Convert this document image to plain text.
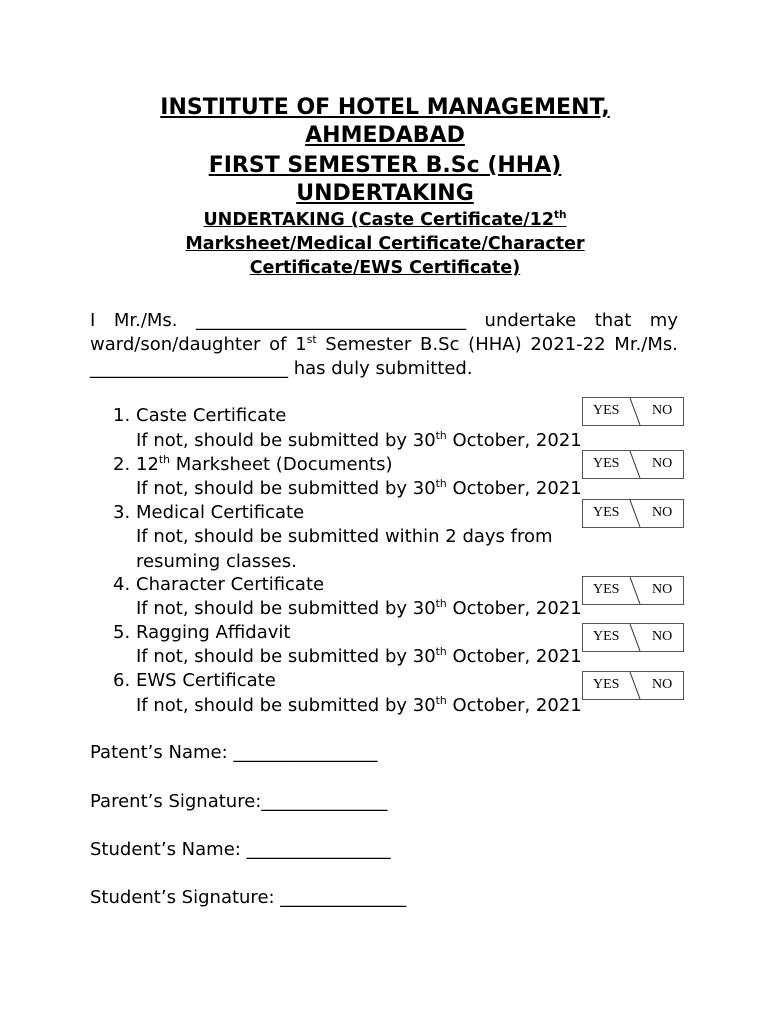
INSTITUTE OF HOTEL MANAGEMENT,
AHMEDABAD
FIRST SEMESTER B.Sc (HHA)
UNDERTAKING
UNDERTAKING (Caste Certificate/12th
Marksheet/Medical Certificate/Character
Certificate/EWS Certificate)
I Mr./Ms. ______________________________ undertake that my ward/son/daughter of 1st Semester B.Sc (HHA) 2021-22 Mr./Ms. ______________________ has duly submitted.
1. Caste Certificate
If not, should be submitted by 30th October, 2021
YES NO
2. 12th Marksheet (Documents)
If not, should be submitted by 30th October, 2021
YES NO
3. Medical Certificate
If not, should be submitted within 2 days from
resuming classes.
YES NO
4. Character Certificate
If not, should be submitted by 30th October, 2021
YES NO
5. Ragging Affidavit
If not, should be submitted by 30th October, 2021
YES NO
6. EWS Certificate
If not, should be submitted by 30th October, 2021
YES NO
Patent’s Name: ________________
Parent’s Signature:______________
Student’s Name: ________________
Student’s Signature: ______________
